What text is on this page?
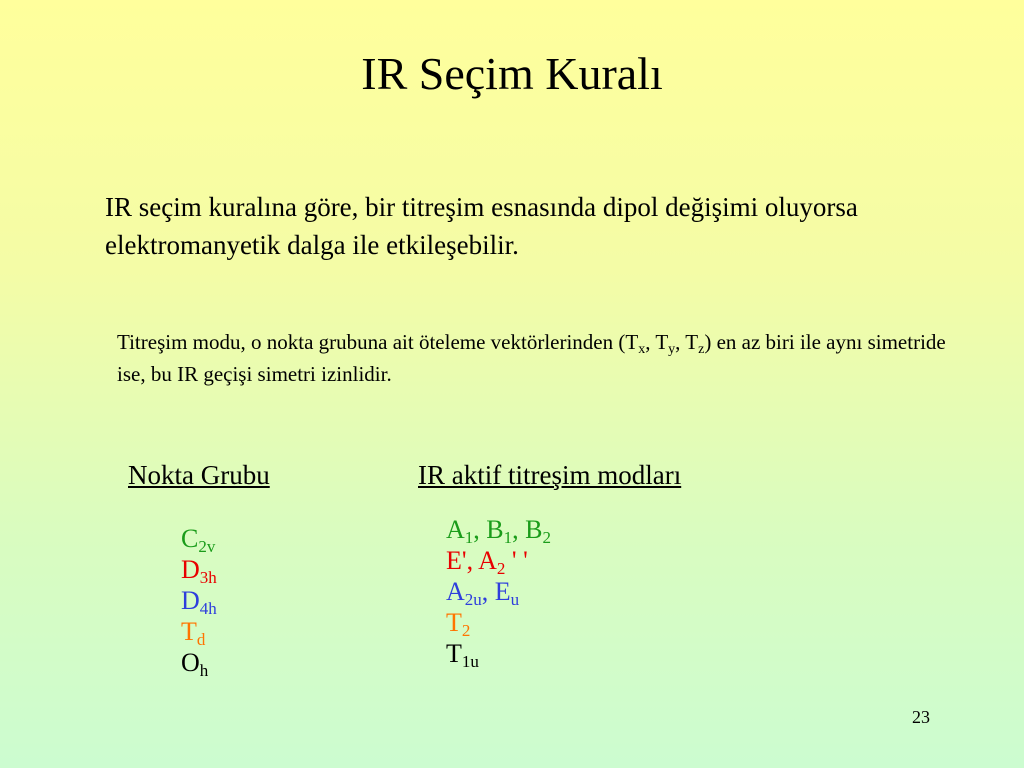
IR Seçim Kuralı
IR seçim kuralına göre, bir titreşim esnasında dipol değişimi oluyorsa elektromanyetik dalga ile etkileşebilir.
Titreşim modu, o nokta grubuna ait öteleme vektörlerinden ($T_x$, $T_y$, $T_z$) en az biri ile aynı simetride ise, bu IR geçişi simetri izinlidir.
Nokta Grubu	IR aktif titreşim modları
$C_{2v}$
$D_{3h}$
$D_{4h}$
$T_d$
$O_h$
$A_1$, $B_1$, $B_2$
E', $A_2$ ' '
$A_{2u}$, $E_u$
$T_2$
$T_{1u}$
23
